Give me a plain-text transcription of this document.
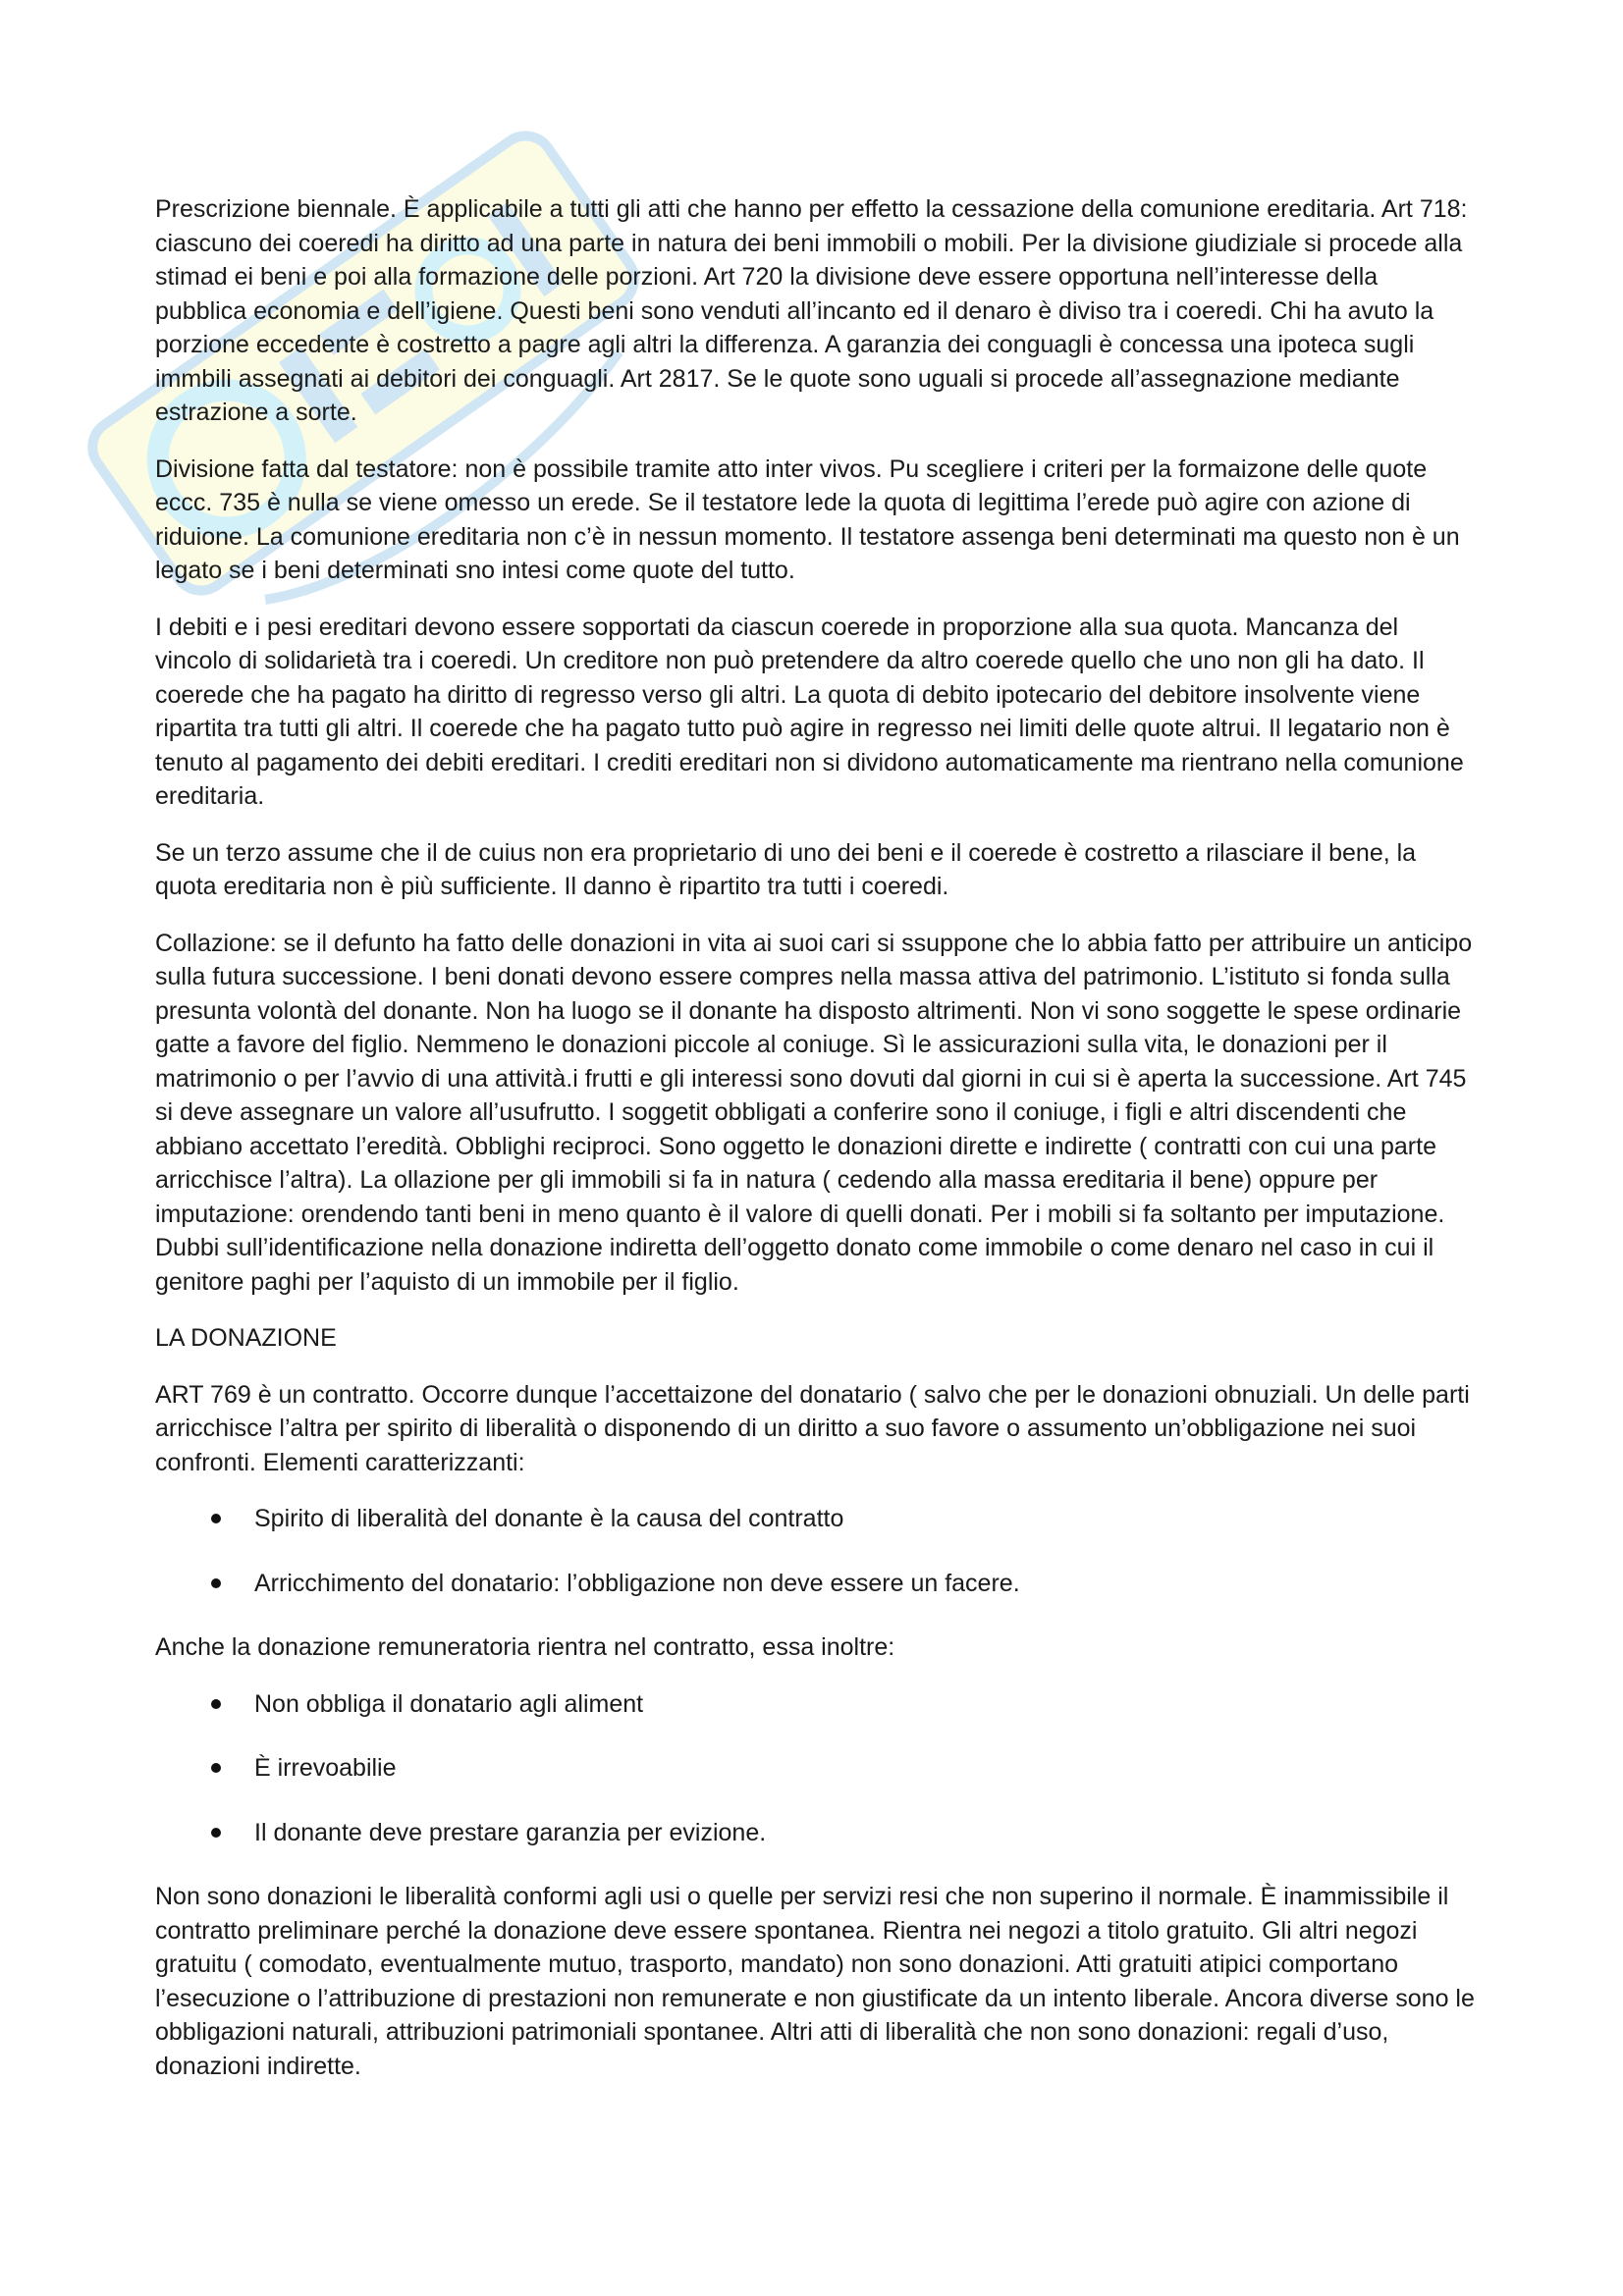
Prescrizione biennale. È applicabile a tutti gli atti che hanno per effetto la cessazione della comunione ereditaria. Art 718: ciascuno dei coeredi ha diritto ad una parte in natura dei beni immobili o mobili. Per la divisione giudiziale si procede alla stimad ei beni e poi alla formazione delle porzioni. Art 720 la divisione deve essere opportuna nell’interesse della pubblica economia e dell’igiene. Questi beni sono venduti all’incanto ed il denaro è diviso tra i coeredi. Chi ha avuto la porzione eccedente è costretto a pagre agli altri la differenza. A garanzia dei conguagli è concessa una ipoteca sugli immbili assegnati ai debitori dei conguagli. Art 2817. Se le quote sono uguali si procede all’assegnazione mediante estrazione a sorte.

Divisione fatta dal testatore: non è possibile tramite atto inter vivos. Pu scegliere i criteri per la formaizone delle quote eccc. 735 è nulla se viene omesso un erede. Se il testatore lede la quota di legittima l’erede può agire con azione di riduione. La comunione ereditaria non c’è in nessun momento. Il testatore assenga beni determinati ma questo non è un legato se i beni determinati sno intesi come quote del tutto.

I debiti e i pesi ereditari devono essere sopportati da ciascun coerede in proporzione alla sua quota. Mancanza del vincolo di solidarietà tra i coeredi. Un creditore non può pretendere da altro coerede quello che uno non gli ha dato. Il coerede che ha pagato ha diritto di regresso verso gli altri. La quota di debito ipotecario del debitore insolvente viene ripartita tra tutti gli altri. Il coerede che ha pagato tutto può agire in regresso nei limiti delle quote altrui. Il legatario non è tenuto al pagamento dei debiti ereditari. I crediti ereditari non si dividono automaticamente ma rientrano nella comunione ereditaria.

Se un terzo assume che il de cuius non era proprietario di uno dei beni e il coerede è costretto a rilasciare il bene, la quota ereditaria non è più sufficiente. Il danno è ripartito tra tutti i coeredi.

Collazione: se il defunto ha fatto delle donazioni in vita ai suoi cari si ssuppone che lo abbia fatto per attribuire un anticipo sulla futura successione. I beni donati devono essere compres nella massa attiva del patrimonio. L’istituto si fonda sulla presunta volontà del donante. Non ha luogo se il donante ha disposto altrimenti. Non vi sono soggette le spese ordinarie gatte a favore del figlio. Nemmeno le donazioni piccole al coniuge. Sì le assicurazioni sulla vita, le donazioni per il matrimonio o per l’avvio di una attività.i frutti e gli interessi sono dovuti dal giorni in cui si è aperta la successione. Art 745 si deve assegnare un valore all’usufrutto. I soggetit obbligati a conferire sono il coniuge, i figli e altri discendenti che abbiano accettato l’eredità. Obblighi reciproci. Sono oggetto le donazioni dirette e indirette ( contratti con cui una parte arricchisce l’altra). La ollazione per gli immobili si fa in natura ( cedendo alla massa ereditaria il bene) oppure per imputazione: orendendo tanti beni in meno quanto è il valore di quelli donati. Per i mobili si fa soltanto per imputazione. Dubbi sull’identificazione nella donazione indiretta dell’oggetto donato come immobile o come denaro nel caso in cui il genitore paghi per l’aquisto di un immobile per il figlio.

LA DONAZIONE

ART 769 è un contratto. Occorre dunque l’accettaizone del donatario ( salvo che per le donazioni obnuziali. Un delle parti arricchisce l’altra per spirito di liberalità o disponendo di un diritto a suo favore o assumento un’obbligazione nei suoi confronti. Elementi caratterizzanti:

Spirito di liberalità del donante è la causa del contratto
Arricchimento del donatario: l’obbligazione non deve essere un facere.

Anche la donazione remuneratoria rientra nel contratto, essa inoltre:

Non obbliga il donatario agli aliment
È irrevoabilie
Il donante deve prestare garanzia per evizione.

Non sono donazioni le liberalità conformi agli usi o quelle per servizi resi che non superino il normale. È inammissibile il contratto preliminare perché la donazione deve essere spontanea. Rientra nei negozi a titolo gratuito. Gli altri negozi gratuitu ( comodato, eventualmente mutuo, trasporto, mandato) non sono donazioni. Atti gratuiti atipici comportano l’esecuzione o l’attribuzione di prestazioni non remunerate e non giustificate da un intento liberale. Ancora diverse sono le obbligazioni naturali, attribuzioni patrimoniali spontanee. Altri atti di liberalità che non sono donazioni: regali d’uso, donazioni indirette.
